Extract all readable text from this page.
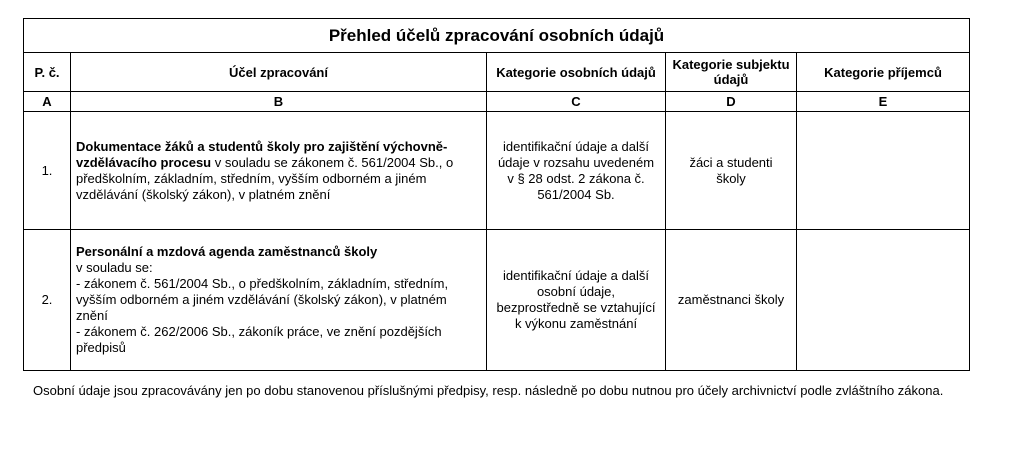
Přehled účelů zpracování osobních údajů				
P. č.	Účel zpracování	Kategorie osobních údajů	Kategorie subjektu údajů	Kategorie příjemců
A	B	C	D	E
1.	Dokumentace žáků a studentů školy pro zajištění výchovně-vzdělávacího procesu v souladu se zákonem č. 561/2004 Sb., o předškolním, základním, středním, vyšším odborném a jiném vzdělávání (školský zákon), v platném znění	identifikační údaje a další údaje v rozsahu uvedeném v § 28 odst. 2 zákona č. 561/2004 Sb.	žáci a studenti školy	
2.	Personální a mzdová agenda zaměstnanců školy
v souladu se:
- zákonem č. 561/2004 Sb., o předškolním, základním, středním, vyšším odborném a jiném vzdělávání (školský zákon), v platném znění
- zákonem č. 262/2006 Sb., zákoník práce, ve znění pozdějších předpisů	identifikační údaje a další osobní údaje, bezprostředně se vztahující k výkonu zaměstnání	zaměstnanci školy	
Osobní údaje jsou zpracovávány jen po dobu stanovenou příslušnými předpisy, resp. následně po dobu nutnou pro účely archivnictví podle zvláštního zákona.
